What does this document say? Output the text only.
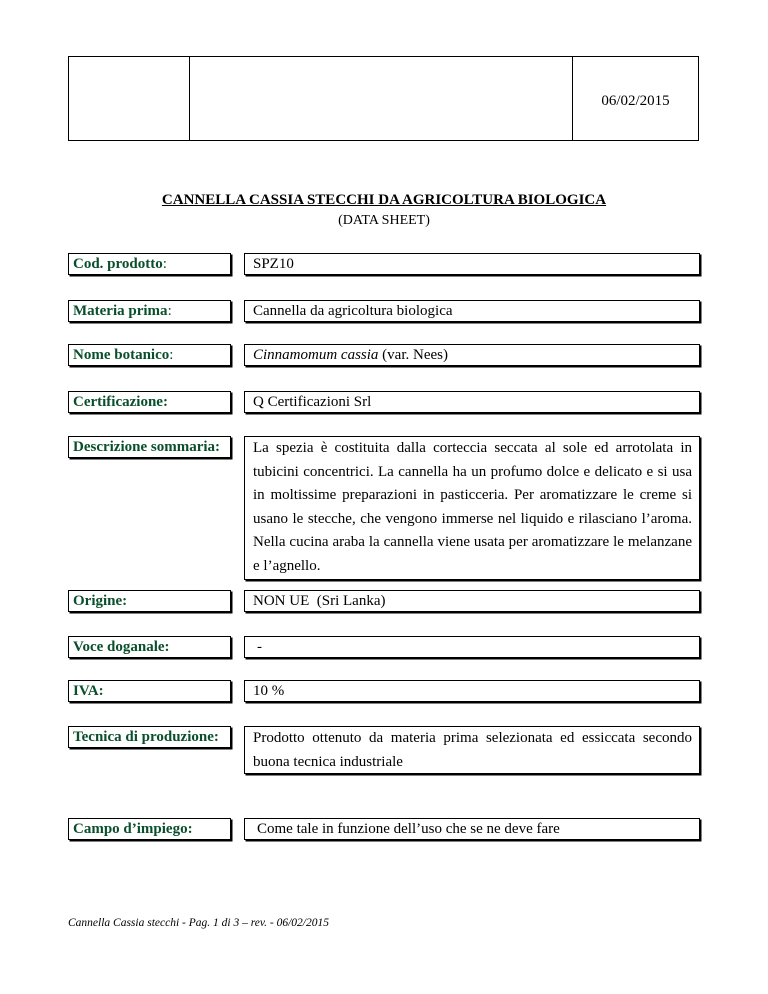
06/02/2015
CANNELLA CASSIA STECCHI DA AGRICOLTURA BIOLOGICA
(DATA SHEET)
Cod. prodotto :	SPZ10
Materia prima :	Cannella da agricoltura biologica
Nome botanico :	Cinnamomum cassia (var. Nees)
Certificazione:	Q Certificazioni Srl
Descrizione sommaria: La spezia è costituita dalla corteccia seccata al sole ed arrotolata in tubicini concentrici. La cannella ha un profumo dolce e delicato e si usa in moltissime preparazioni in pasticceria. Per aromatizzare le creme si usano le stecche, che vengono immerse nel liquido e rilasciano l’aroma. Nella cucina araba la cannella viene usata per aromatizzare le melanzane e l’agnello.

Origine:	NON UE  (Sri Lanka)
Voce doganale:	-
IVA:	10 %
Tecnica di produzione: Prodotto ottenuto da materia prima selezionata ed essiccata secondo buona tecnica industriale

Campo d’impiego:	Come tale in funzione dell’uso che se ne deve fare
Cannella Cassia stecchi - Pag. 1 di 3 – rev. - 06/02/2015
